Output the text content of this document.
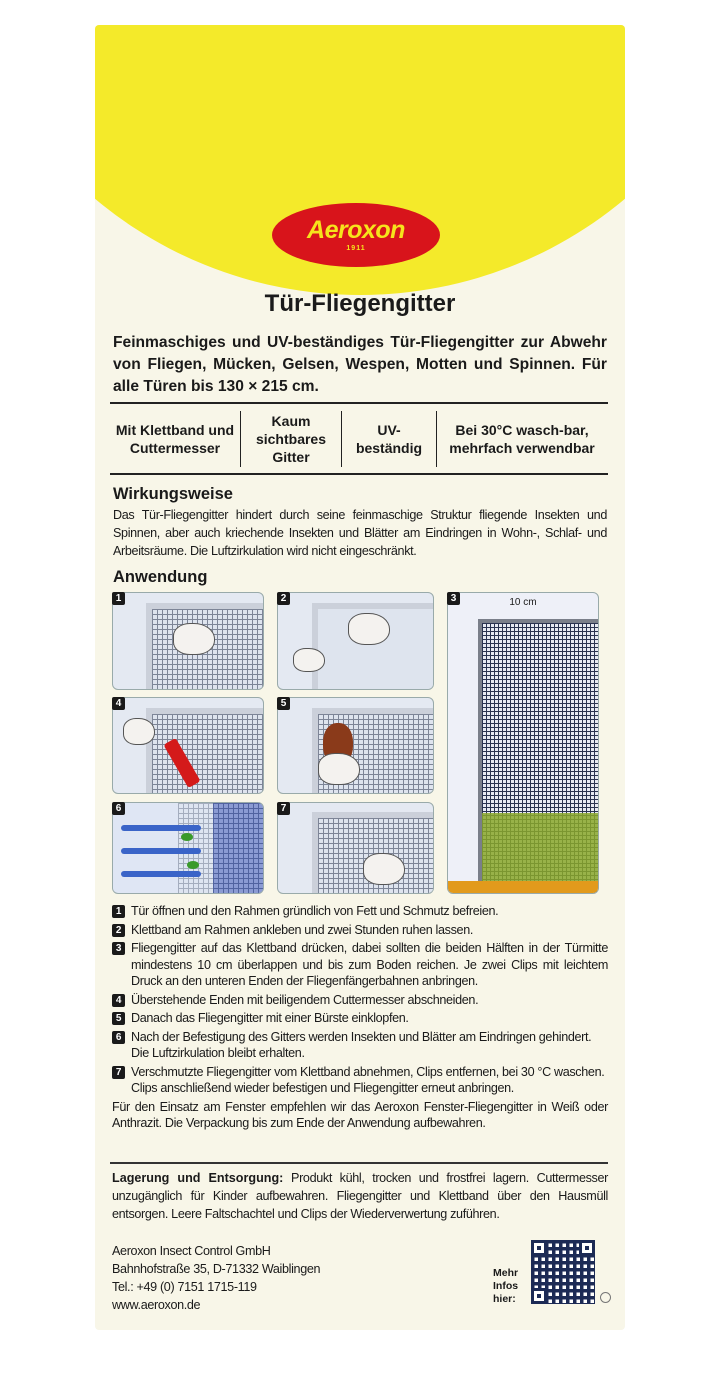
Aeroxon
1911
Tür-Fliegengitter
Feinmaschiges und UV-beständiges Tür-Fliegengitter zur Abwehr von Fliegen, Mücken, Gelsen, Wespen, Motten und Spinnen. Für alle Türen bis 130 × 215 cm.
Mit Klettband und Cuttermesser
Kaum sichtbares Gitter
UV-beständig
Bei 30°C wasch-bar, mehrfach verwendbar
Wirkungsweise
Das Tür-Fliegengitter hindert durch seine feinmaschige Struktur fliegende Insekten und Spinnen, aber auch kriechende Insekten und Blätter am Eindringen in Wohn-, Schlaf- und Arbeitsräume. Die Luftzirkulation wird nicht eingeschränkt.
Anwendung
1	2
4	5
6	7
10 cm
3
1 Tür öffnen und den Rahmen gründlich von Fett und Schmutz befreien.
2 Klettband am Rahmen ankleben und zwei Stunden ruhen lassen.
3 Fliegengitter auf das Klettband drücken, dabei sollten die beiden Hälften in der Türmitte mindestens 10 cm überlappen und bis zum Boden reichen. Je zwei Clips mit leichtem Druck an den unteren Enden der Fliegenfängerbahnen anbringen.
4 Überstehende Enden mit beiligendem Cuttermesser abschneiden.
5 Danach das Fliegengitter mit einer Bürste einklopfen.
6 Nach der Befestigung des Gitters werden Insekten und Blätter am Eindringen gehindert. Die Luftzirkulation bleibt erhalten.
7 Verschmutzte Fliegengitter vom Klettband abnehmen, Clips entfernen, bei 30 °C waschen. Clips anschließend wieder befestigen und Fliegengitter erneut anbringen.
Für den Einsatz am Fenster empfehlen wir das Aeroxon Fenster-Fliegengitter in Weiß oder Anthrazit. Die Verpackung bis zum Ende der Anwendung aufbewahren.
Lagerung und Entsorgung: Produkt kühl, trocken und frostfrei lagern. Cuttermesser unzugänglich für Kinder aufbewahren. Fliegengitter und Klettband über den Hausmüll entsorgen. Leere Faltschachtel und Clips der Wiederverwertung zuführen.
Aeroxon Insect Control GmbH
Bahnhofstraße 35, D-71332 Waiblingen
Tel.: +49 (0) 7151 1715-119
www.aeroxon.de
Mehr
Infos
hier:
